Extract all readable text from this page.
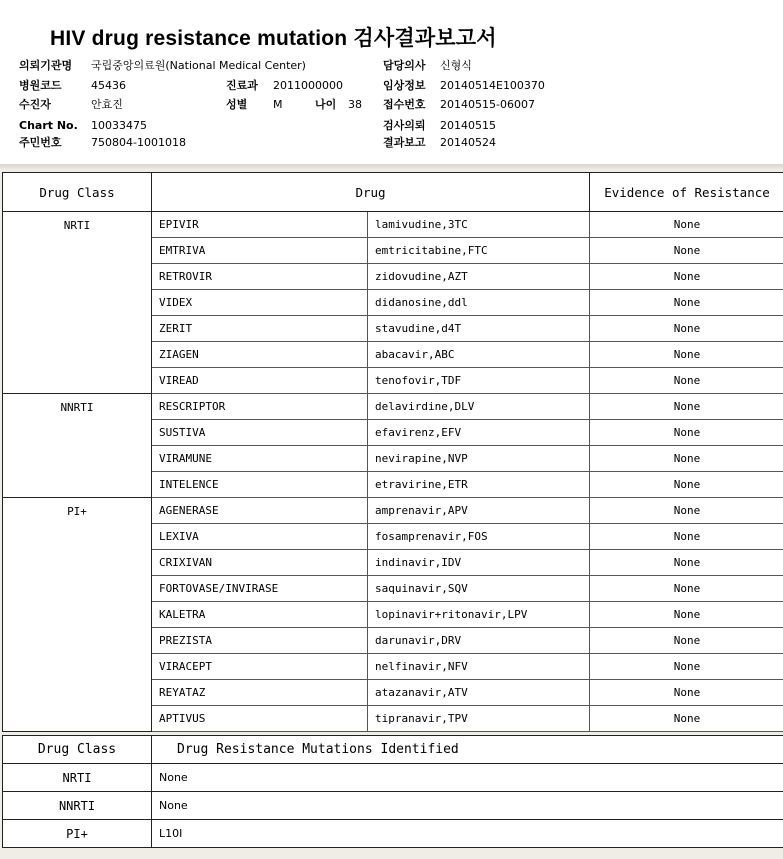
HIV drug resistance mutation 검사결과보고서
의뢰기관명 국립중앙의료원(National Medical Center)	담당의사 신형식
병원코드	45436	진료과 2011000000	임상정보 20140514E100370
수진자	안효진	성별 M	나이 38 접수번호 20140515-06007
Chart No. 10033475	검사의뢰 20140515
주민번호	750804-1001018	결과보고 20140524
Drug Class	Drug		Evidence of Resistance
NRTI	EPIVIR	lamivudine,3TC	None
	EMTRIVA	emtricitabine,FTC	None
	RETROVIR	zidovudine,AZT	None
	VIDEX	didanosine,ddl	None
	ZERIT	stavudine,d4T	None
	ZIAGEN	abacavir,ABC	None
	VIREAD	tenofovir,TDF	None
NNRTI	RESCRIPTOR	delavirdine,DLV	None
	SUSTIVA	efavirenz,EFV	None
	VIRAMUNE	nevirapine,NVP	None
	INTELENCE	etravirine,ETR	None
PI+	AGENERASE	amprenavir,APV	None
	LEXIVA	fosamprenavir,FOS	None
	CRIXIVAN	indinavir,IDV	None
	FORTOVASE/INVIRASE	saquinavir,SQV	None
	KALETRA	lopinavir+ritonavir,LPV	None
	PREZISTA	darunavir,DRV	None
	VIRACEPT	nelfinavir,NFV	None
	REYATAZ	atazanavir,ATV	None
	APTIVUS	tipranavir,TPV	None
Drug Class	Drug Resistance Mutations Identified
NRTI	None
NNRTI	None
PI+	L10I
